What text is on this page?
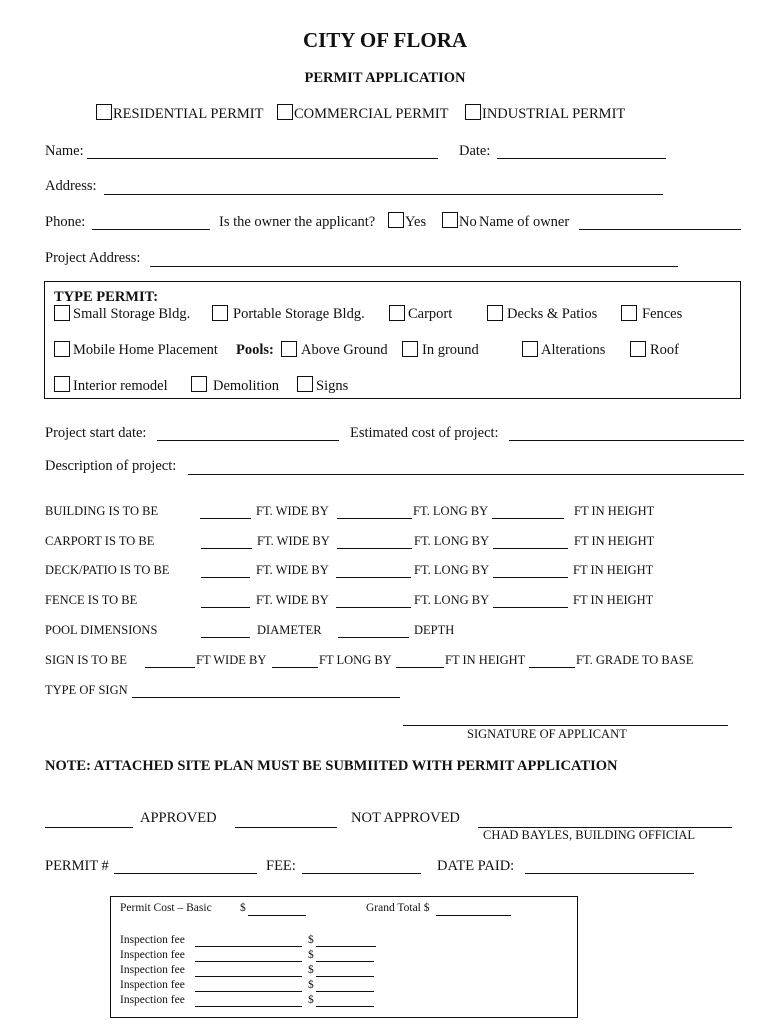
CITY OF FLORA
PERMIT APPLICATION
RESIDENTIAL PERMIT COMMERCIAL PERMIT INDUSTRIAL PERMIT
Name:	Date:
Address:
Phone:	Is the owner the applicant? Yes No Name of owner
Project Address:
TYPE PERMIT:
Small Storage Bldg.	Portable Storage Bldg.	Carport	Decks & Patios	Fences
Mobile Home Placement Pools: Above Ground In ground	Alterations	Roof
Interior remodel	Demolition	Signs
Project start date:	Estimated cost of project:
Description of project:
BUILDING IS TO BE	FT. WIDE BY	FT. LONG BY	FT IN HEIGHT
CARPORT IS TO BE	FT. WIDE BY	FT. LONG BY	FT IN HEIGHT
DECK/PATIO IS TO BE	FT. WIDE BY	FT. LONG BY	FT IN HEIGHT
FENCE IS TO BE	FT. WIDE BY	FT. LONG BY	FT IN HEIGHT
POOL DIMENSIONS	DIAMETER	DEPTH
SIGN IS TO BE	FT WIDE BY	FT LONG BY	FT IN HEIGHT	FT. GRADE TO BASE
TYPE OF SIGN
SIGNATURE OF APPLICANT
NOTE: ATTACHED SITE PLAN MUST BE SUBMIITED WITH PERMIT APPLICATION
APPROVED	NOT APPROVED
CHAD BAYLES, BUILDING OFFICIAL
PERMIT #	FEE:	DATE PAID:
Permit Cost – Basic $	Grand Total $
Inspection fee	$
Inspection fee	$
Inspection fee	$
Inspection fee	$
Inspection fee	$
